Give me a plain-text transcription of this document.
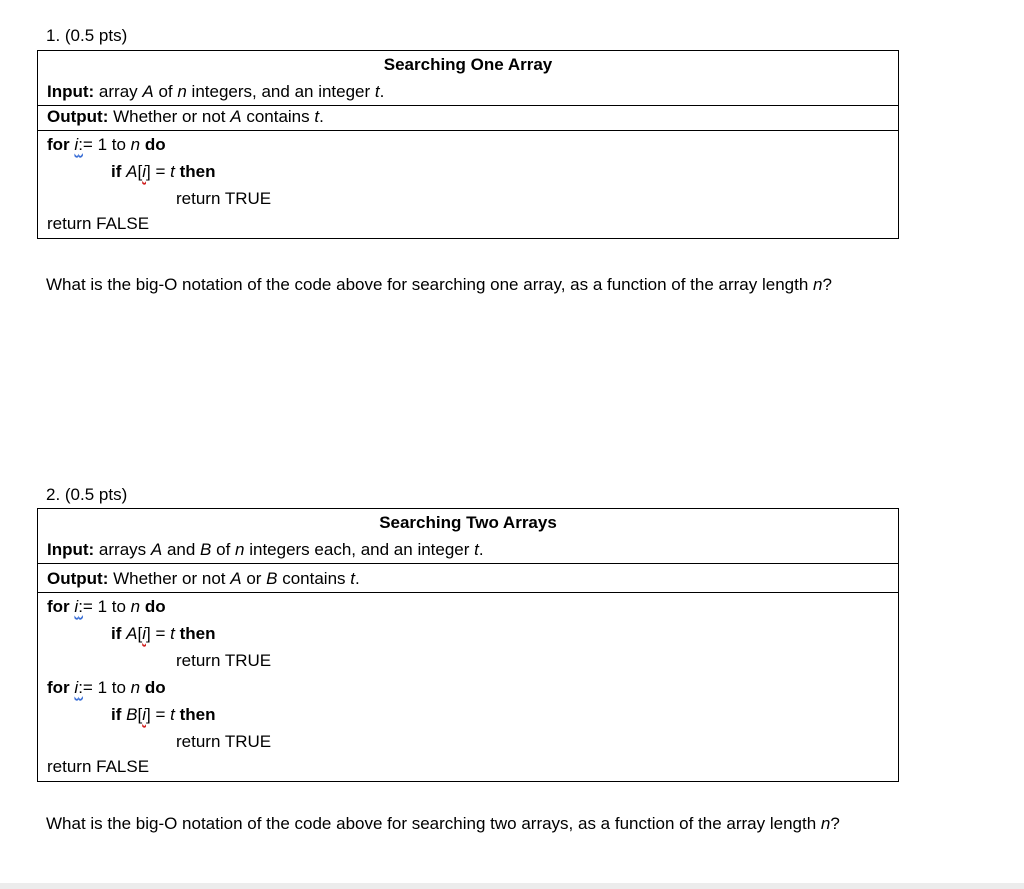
1. (0.5 pts)
Searching One Array
Input: array A of n integers, and an integer t.
Output: Whether or not A contains t.
for i:= 1 to n do
if A[i] = t then
return TRUE
return FALSE
What is the big-O notation of the code above for searching one array, as a function of the array length n?
2. (0.5 pts)
Searching Two Arrays
Input: arrays A and B of n integers each, and an integer t.
Output: Whether or not A or B contains t.
for i:= 1 to n do
if A[i] = t then
return TRUE
for i:= 1 to n do
if B[i] = t then
return TRUE
return FALSE
What is the big-O notation of the code above for searching two arrays, as a function of the array length n?
